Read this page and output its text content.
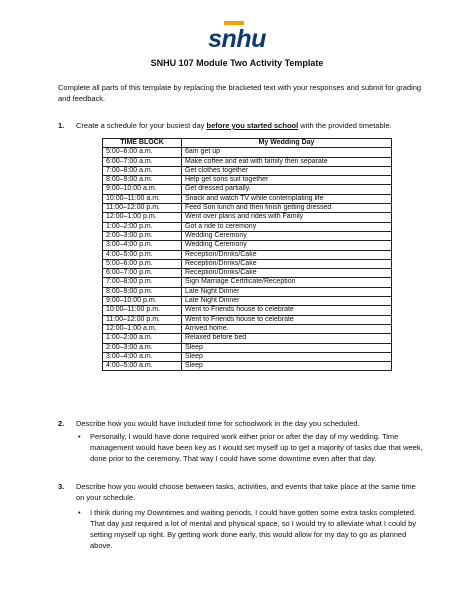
snhu
SNHU 107 Module Two Activity Template
Complete all parts of this template by replacing the bracketed text with your responses and submit for grading and feedback.
1. Create a schedule for your busiest day before you started school with the provided timetable.
TIME BLOCK	My Wedding Day
5:00–6:00 a.m.	6am get up
6:00–7:00 a.m.	Make coffee and eat with family then separate
7:00–8:00 a.m.	Get clothes together
8:00–9:00 a.m.	Help get sons suit together
9:00–10:00 a.m.	Get dressed partially.
10:00–11:00 a.m.	Snack and watch TV while contemplating life
11:00–12:00 p.m.	Feed Son lunch and then finish getting dressed
12:00–1:00 p.m.	Went over plans and rides with Family
1:00–2:00 p.m.	Got a ride to ceremony
2:00–3:00 p.m.	Wedding Ceremony
3:00–4:00 p.m.	Wedding Ceremony
4:00–5:00 p.m.	Reception/Drinks/Cake
5:00–6:00 p.m.	Reception/Drinks/Cake
6:00–7:00 p.m.	Reception/Drinks/Cake
7:00–8:00 p.m.	Sign Marriage Certificate/Reception
8:00–9:00 p.m.	Late Night Dinner
9:00–10:00 p.m.	Late Night Dinner
10:00–11:00 p.m.	Went to Friends house to celebrate
11:00–12:00 p.m.	Went to Friends house to celebrate
12:00–1:00 a.m.	Arrived home.
1:00–2:00 a.m.	Relaxed before bed
2:00–3:00 a.m.	Sleep
3:00–4:00 a.m.	Sleep
4:00–5:00 a.m.	Sleep
2. Describe how you would have included time for schoolwork in the day you scheduled.
• Personally, I would have done required work either prior or after the day of my wedding. Time management would have been key as I would set myself up to get a majority of tasks due that week, done prior to the ceremony. That way I could have some downtime even after that day.
3. Describe how you would choose between tasks, activities, and events that take place at the same time on your schedule.
• I think during my Downtimes and waiting periods, I could have gotten some extra tasks completed. That day just required a lot of mental and physical space, so I would try to alleviate what I could by setting myself up right. By getting work done early, this would allow for my day to go as planned above.
